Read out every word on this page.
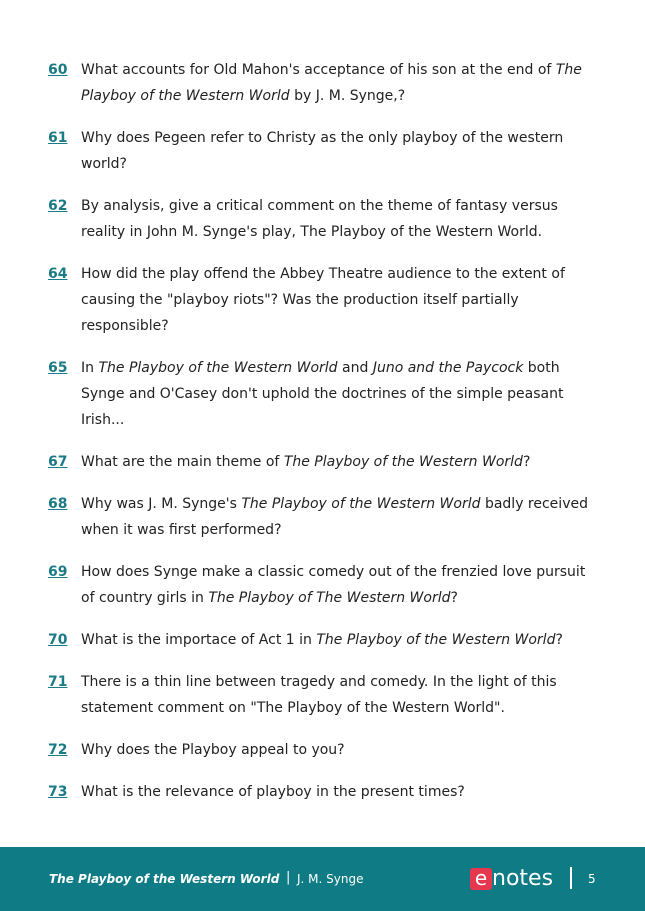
60 What accounts for Old Mahon's acceptance of his son at the end of The Playboy of the Western World by J. M. Synge,?
61 Why does Pegeen refer to Christy as the only playboy of the western world?
62 By analysis, give a critical comment on the theme of fantasy versus reality in John M. Synge's play, The Playboy of the Western World.
64 How did the play offend the Abbey Theatre audience to the extent of causing the "playboy riots"? Was the production itself partially responsible?
65 In The Playboy of the Western World and Juno and the Paycock both Synge and O'Casey don't uphold the doctrines of the simple peasant Irish...
67 What are the main theme of The Playboy of the Western World?
68 Why was J. M. Synge's The Playboy of the Western World badly received when it was first performed?
69 How does Synge make a classic comedy out of the frenzied love pursuit of country girls in The Playboy of The Western World?
70 What is the importace of Act 1 in The Playboy of the Western World?
71 There is a thin line between tragedy and comedy. In the light of this statement comment on "The Playboy of the Western World".
72 Why does the Playboy appeal to you?
73 What is the relevance of playboy in the present times?
The Playboy of the Western World | J. M. Synge	e notes	5
